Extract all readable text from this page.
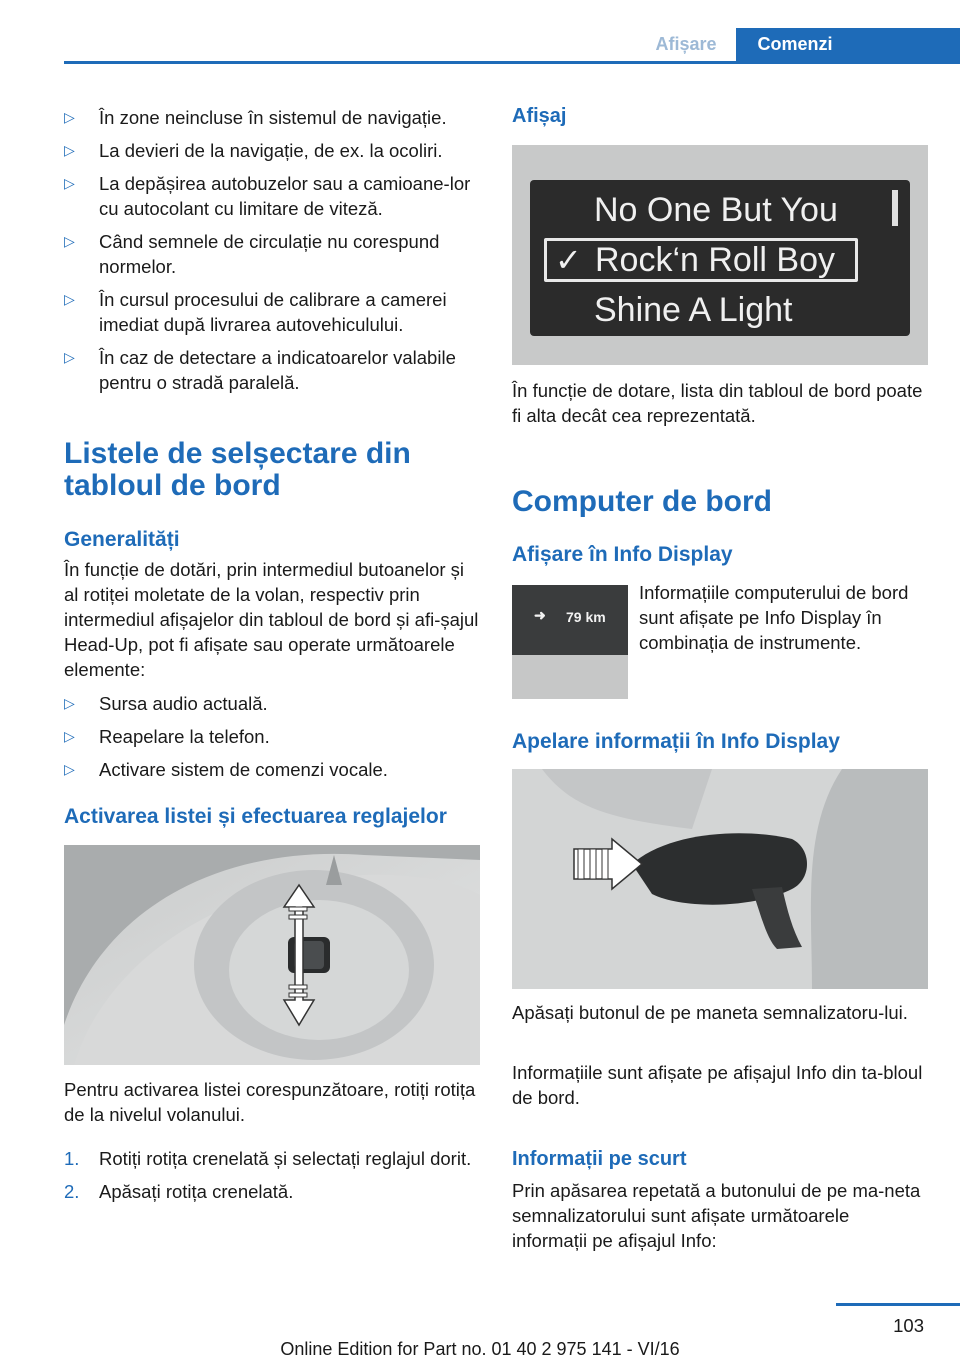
Afișare	Comenzi
▷ În zone neincluse în sistemul de navigație.
▷ La devieri de la navigație, de ex. la ocoliri.
▷ La depășirea autobuzelor sau a camioane-lor cu autocolant cu limitare de viteză.
▷ Când semnele de circulație nu corespund normelor.
▷ În cursul procesului de calibrare a camerei imediat după livrarea autovehiculului.
▷ În caz de detectare a indicatoarelor valabile pentru o stradă paralelă.
Listele de selșectare din tabloul de bord
Generalități

În funcție de dotări, prin intermediul butoanelor și al rotiței moletate de la volan, respectiv prin intermediul afișajelor din tabloul de bord și afi-șajul Head-Up, pot fi afișate sau operate următoarele elemente:

▷ Sursa audio actuală.
▷ Reapelare la telefon.
▷ Activare sistem de comenzi vocale.
Activarea listei și efectuarea reglajelor

Pentru activarea listei corespunzătoare, rotiți rotița de la nivelul volanului.

1. Rotiți rotița crenelată și selectați reglajul dorit.
2. Apăsați rotița crenelată.
Afișaj
No One But You
✓ Rock‘n Roll Boy
Shine A Light

În funcție de dotare, lista din tabloul de bord poate fi alta decât cea reprezentată.

Computer de bord
Afișare în Info Display
➜ 79 km

Informațiile computerului de bord sunt afișate pe Info Display în combinația de instrumente.

Apelare informații în Info Display

Apăsați butonul de pe maneta semnalizatoru-lui.

Informațiile sunt afișate pe afișajul Info din ta-bloul de bord.

Informații pe scurt

Prin apăsarea repetată a butonului de pe ma-neta semnalizatorului sunt afișate următoarele informații pe afișajul Info:

103
Online Edition for Part no. 01 40 2 975 141 - VI/16
